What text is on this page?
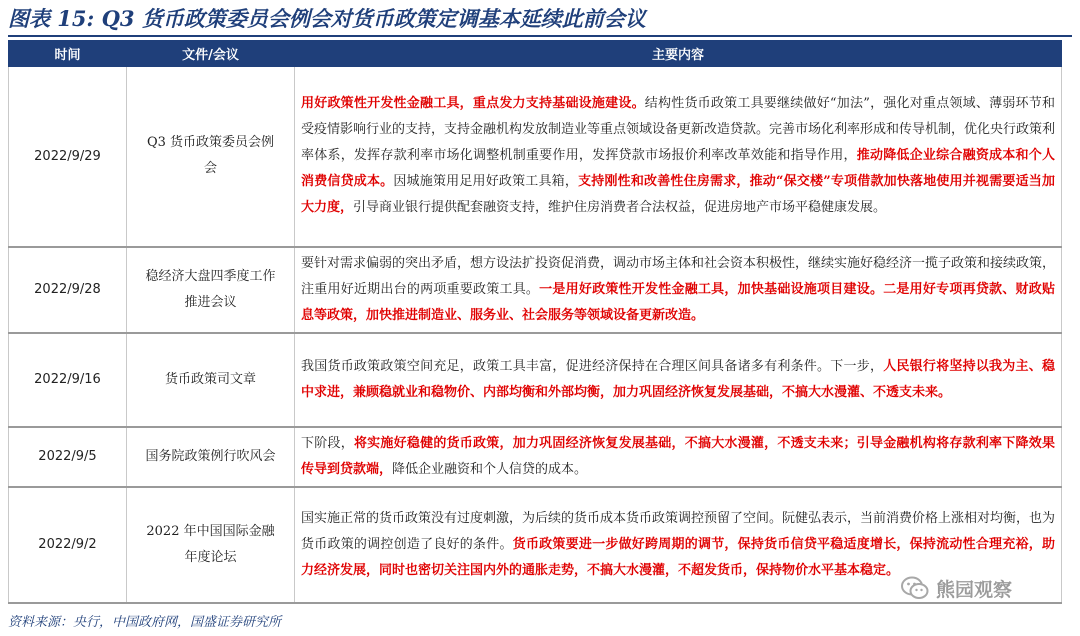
图表 15: Q3 货币政策委员会例会对货币政策定调基本延续此前会议
时间	文件/会议	主要内容
2022/9/29	Q3 货币政策委员会例会	用好政策性开发性金融工具，重点发力支持基础设施建设。结构性货币政策工具要继续做好“加法”，强化对重点领域、薄弱环节和受疫情影响行业的支持，支持金融机构发放制造业等重点领域设备更新改造贷款。完善市场化利率形成和传导机制，优化央行政策利率体系，发挥存款利率市场化调整机制重要作用，发挥贷款市场报价利率改革效能和指导作用，推动降低企业综合融资成本和个人消费信贷成本。因城施策用足用好政策工具箱，支持刚性和改善性住房需求，推动“保交楼”专项借款加快落地使用并视需要适当加大力度，引导商业银行提供配套融资支持，维护住房消费者合法权益，促进房地产市场平稳健康发展。
2022/9/28	稳经济大盘四季度工作推进会议	要针对需求偏弱的突出矛盾，想方设法扩投资促消费，调动市场主体和社会资本积极性，继续实施好稳经济一揽子政策和接续政策，注重用好近期出台的两项重要政策工具。一是用好政策性开发性金融工具，加快基础设施项目建设。二是用好专项再贷款、财政贴息等政策，加快推进制造业、服务业、社会服务等领域设备更新改造。
2022/9/16	货币政策司文章	我国货币政策政策空间充足，政策工具丰富，促进经济保持在合理区间具备诸多有利条件。下一步，人民银行将坚持以我为主、稳中求进，兼顾稳就业和稳物价、内部均衡和外部均衡，加力巩固经济恢复发展基础，不搞大水漫灌、不透支未来。
2022/9/5	国务院政策例行吹风会	下阶段，将实施好稳健的货币政策，加力巩固经济恢复发展基础，不搞大水漫灌，不透支未来；引导金融机构将存款利率下降效果传导到贷款端，降低企业融资和个人信贷的成本。
2022/9/2	2022 年中国国际金融年度论坛	国实施正常的货币政策没有过度刺激，为后续的货币成本货币政策调控预留了空间。阮健弘表示，当前消费价格上涨相对均衡，也为货币政策的调控创造了良好的条件。货币政策要进一步做好跨周期的调节，保持货币信贷平稳适度增长，保持流动性合理充裕，助力经济发展，同时也密切关注国内外的通胀走势，不搞大水漫灌，不超发货币，保持物价水平基本稳定。
熊园观察
资料来源：央行，中国政府网，国盛证券研究所
